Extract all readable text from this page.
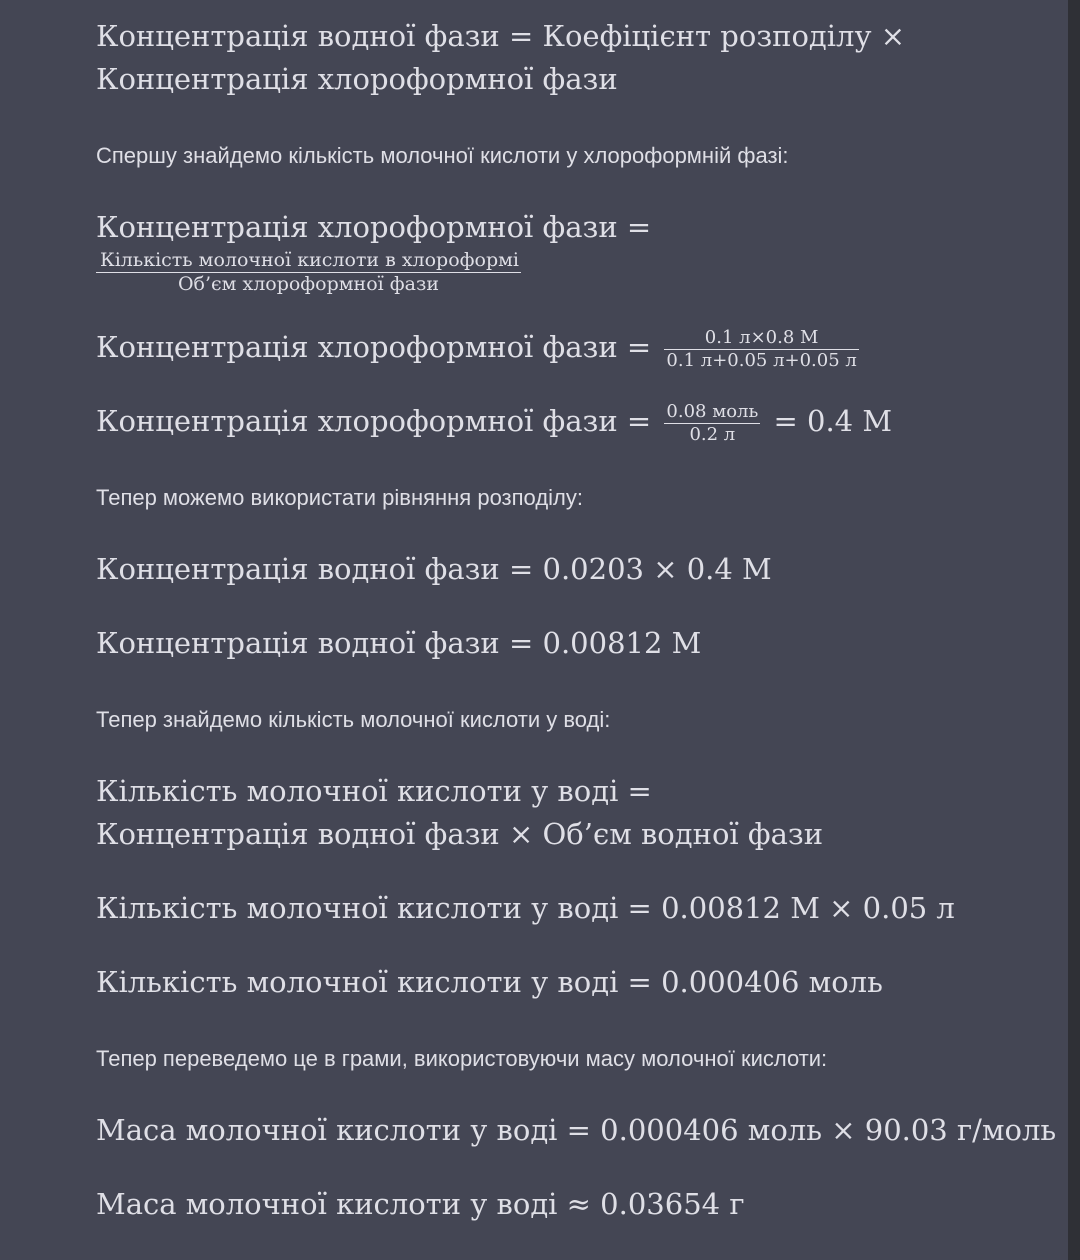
Концентрація водної фази = Коефіцієнт розподілу ×
Концентрація хлороформної фази
Спершу знайдемо кількість молочної кислоти у хлороформній фазі:
Концентрація хлороформної фази =
Кількість молочної кислоти в хлороформі
Об’єм хлороформної фази
Концентрація хлороформної фази = $\frac{0.1 л\times 0.8 М}{0.1 л+0.05 л+0.05 л}$
Концентрація хлороформної фази = $\frac{\text{0.08 моль}}{0.2 л} = 0.4$ М
Тепер можемо використати рівняння розподілу:
Концентрація водної фази = 0.0203 × 0.4 М
Концентрація водної фази = 0.00812 М
Тепер знайдемо кількість молочної кислоти у воді:
Кількість молочної кислоти у воді =
Концентрація водної фази × Об’єм водної фази
Кількість молочної кислоти у воді = 0.00812 М × 0.05 л
Кількість молочної кислоти у воді = 0.000406 моль
Тепер переведемо це в грами, використовуючи масу молочної кислоти:
Маса молочної кислоти у воді = 0.000406 моль × 90.03 г/моль
Маса молочної кислоти у воді ≈ 0.03654 г
